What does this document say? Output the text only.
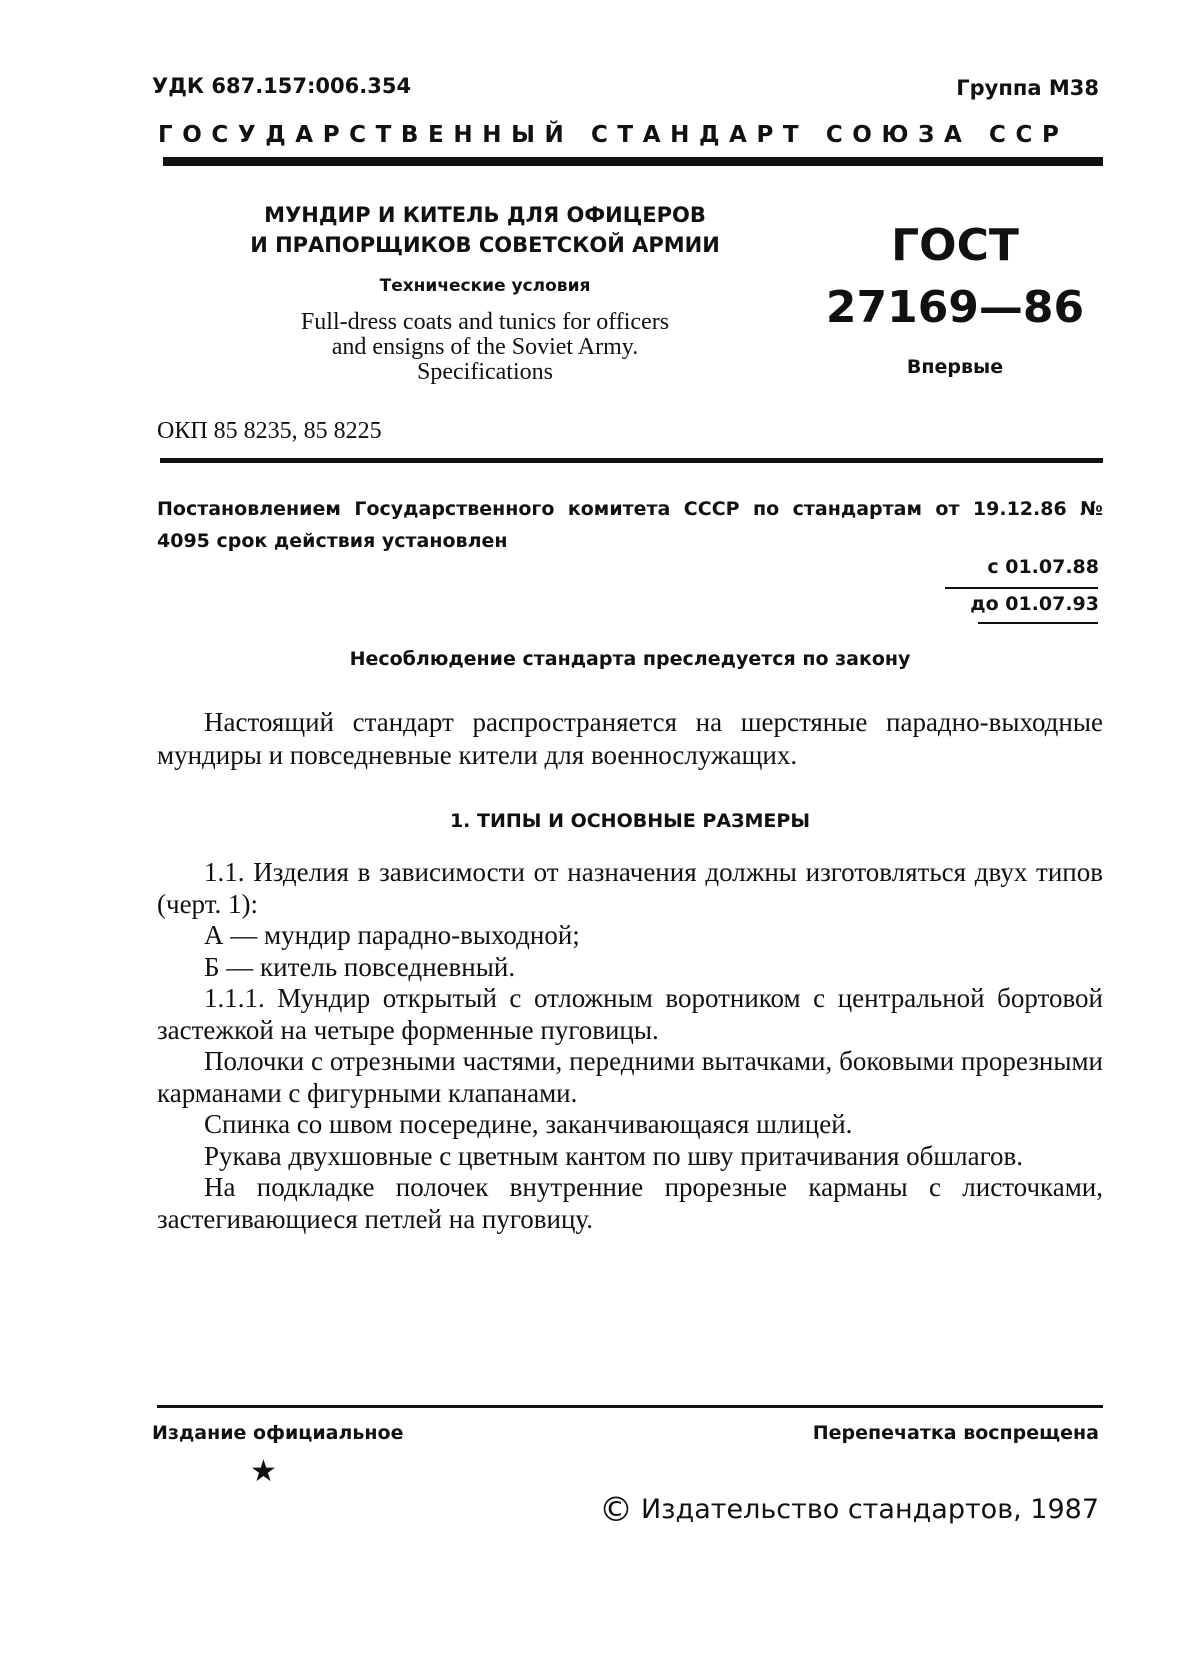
УДК 687.157:006.354	Группа М38
ГОСУДАРСТВЕННЫЙ СТАНДАРТ СОЮЗА ССР
МУНДИР И КИТЕЛЬ ДЛЯ ОФИЦЕРОВ
И ПРАПОРЩИКОВ СОВЕТСКОЙ АРМИИ
Технические условия
Full-dress coats and tunics for officers
and ensigns of the Soviet Army.
Specifications
ГОСТ
27169—86
Впервые
ОКП 85 8235, 85 8225
Постановлением Государственного комитета СССР по стандартам от 19.12.86 № 4095 срок действия установлен
с 01.07.88
до 01.07.93
Несоблюдение стандарта преследуется по закону
Настоящий стандарт распространяется на шерстяные парадно-выходные мундиры и повседневные кители для военнослужащих.
1. ТИПЫ И ОСНОВНЫЕ РАЗМЕРЫ

1.1. Изделия в зависимости от назначения должны изготовляться двух типов (черт. 1):

А — мундир парадно-выходной;

Б — китель повседневный.

1.1.1. Мундир открытый с отложным воротником с центральной бортовой застежкой на четыре форменные пуговицы.

Полочки с отрезными частями, передними вытачками, боковыми прорезными карманами с фигурными клапанами.

Спинка со швом посередине, заканчивающаяся шлицей.

Рукава двухшовные с цветным кантом по шву притачивания обшлагов.

На подкладке полочек внутренние прорезные карманы с листочками, застегивающиеся петлей на пуговицу.

Издание официальное	Перепечатка воспрещена
★
© Издательство стандартов, 1987
